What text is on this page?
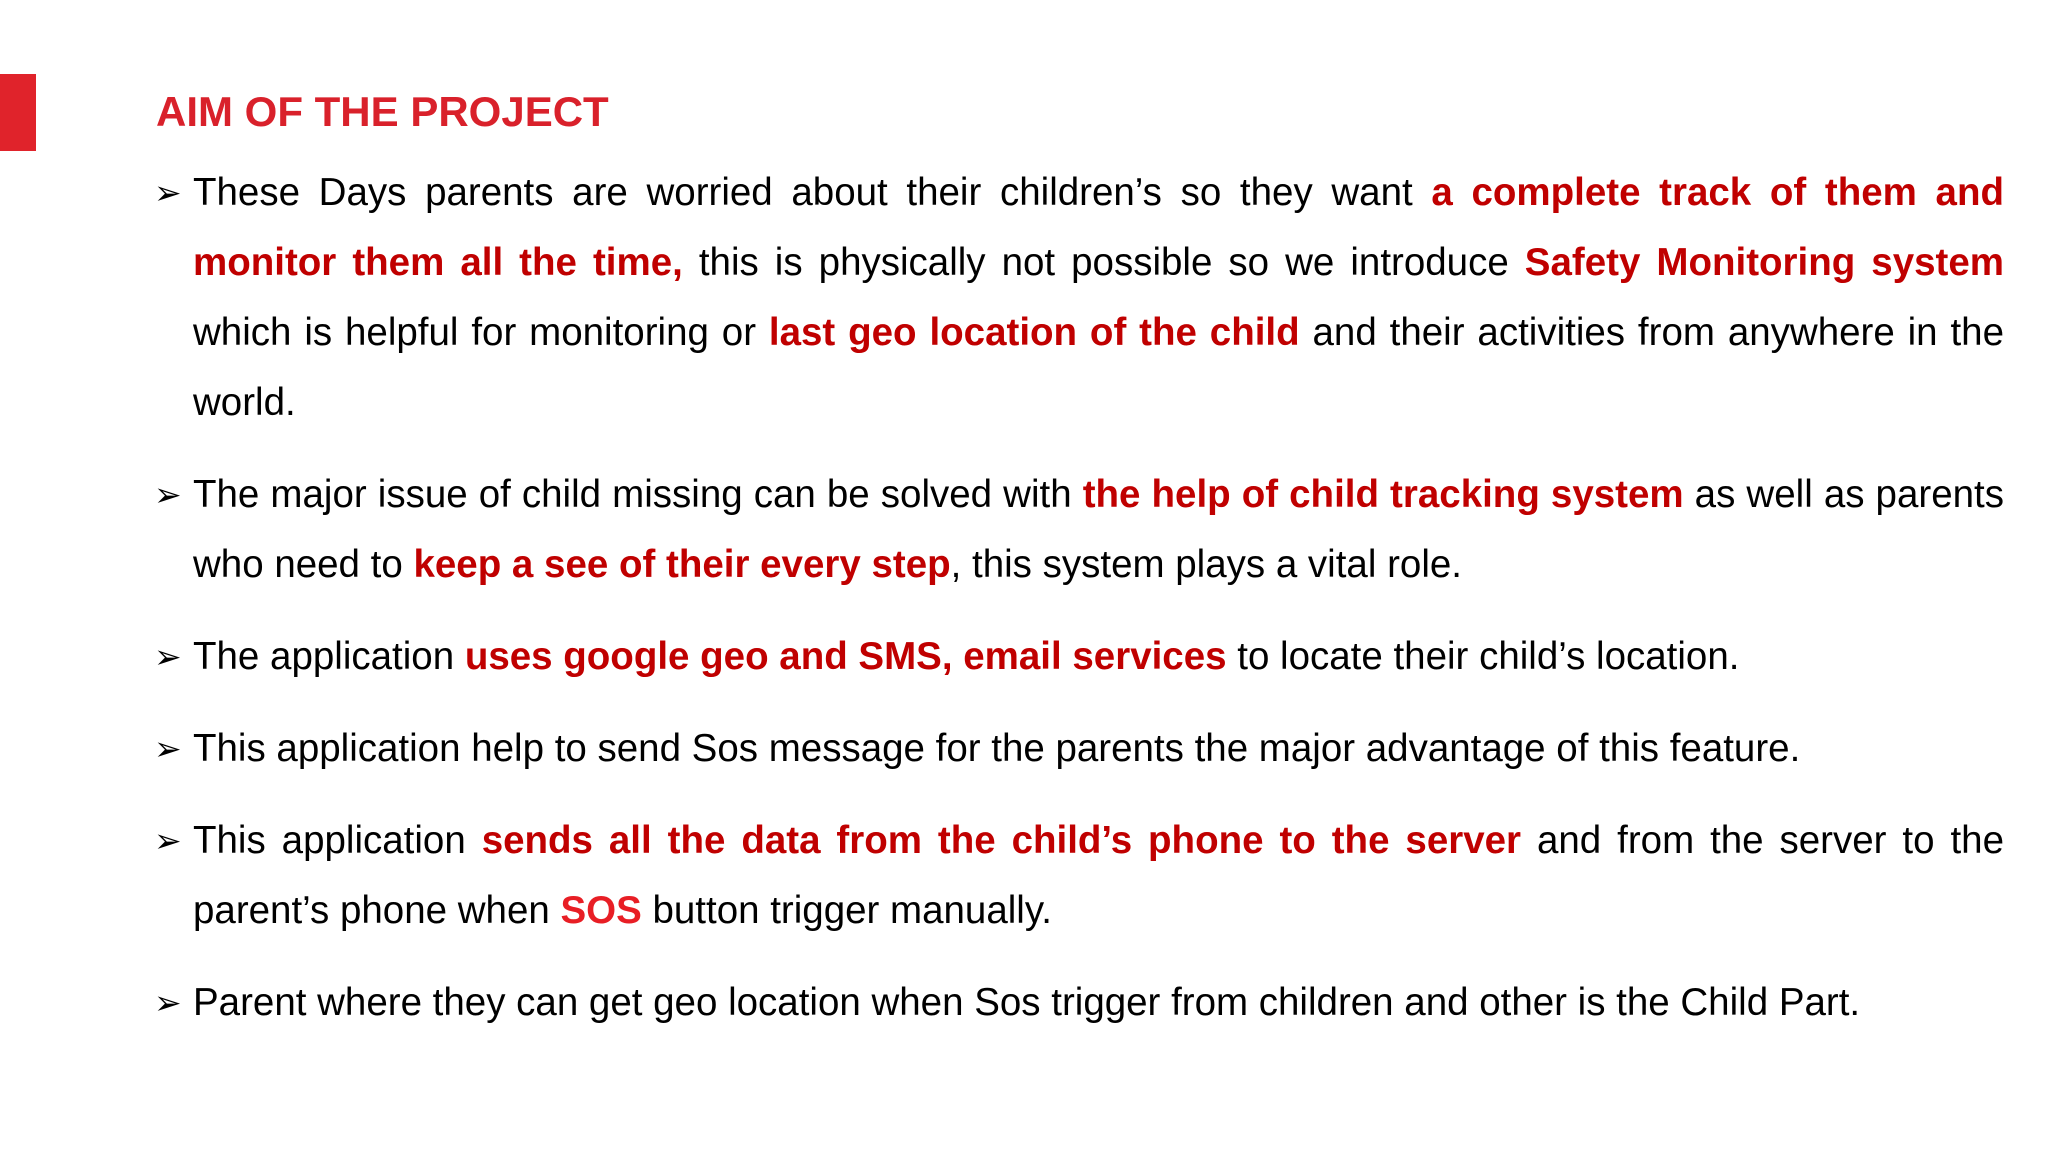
AIM OF THE PROJECT
➢ These Days parents are worried about their children’s so they want a complete track of them and monitor them all the time, this is physically not possible so we introduce Safety Monitoring system which is helpful for monitoring or last geo location of the child and their activities from anywhere in the world.
➢ The major issue of child missing can be solved with the help of child tracking system as well as parents who need to keep a see of their every step, this system plays a vital role.
➢ The application uses google geo and SMS, email services to locate their child’s location.
➢ This application help to send Sos message for the parents the major advantage of this feature.
➢ This application sends all the data from the child’s phone to the server and from the server to the parent’s phone when SOS button trigger manually.
➢ Parent where they can get geo location when Sos trigger from children and other is the Child Part.
